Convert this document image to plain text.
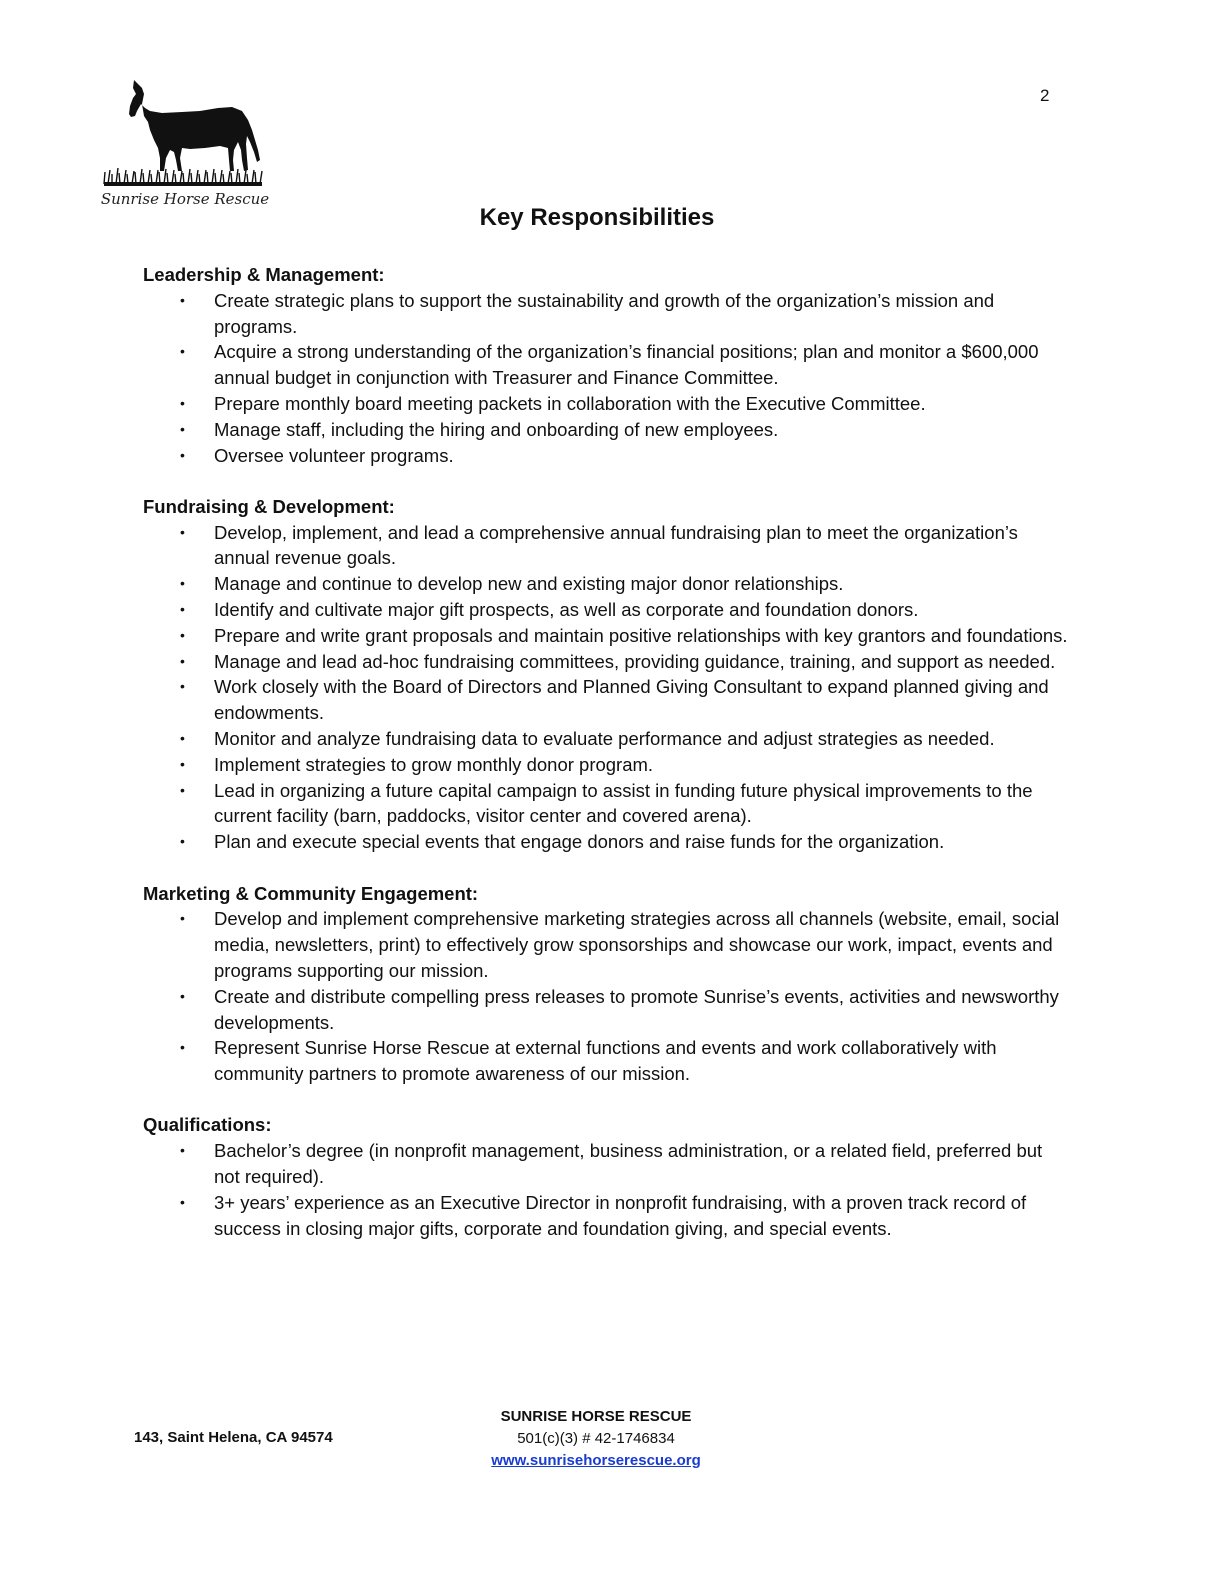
Sunrise Horse Rescue
2
Key Responsibilities
Leadership & Management:
• Create strategic plans to support the sustainability and growth of the organization’s mission and programs.
• Acquire a strong understanding of the organization’s financial positions; plan and monitor a $600,000 annual budget in conjunction with Treasurer and Finance Committee.
• Prepare monthly board meeting packets in collaboration with the Executive Committee.
• Manage staff, including the hiring and onboarding of new employees.
• Oversee volunteer programs.
Fundraising & Development:
• Develop, implement, and lead a comprehensive annual fundraising plan to meet the organization’s annual revenue goals.
• Manage and continue to develop new and existing major donor relationships.
• Identify and cultivate major gift prospects, as well as corporate and foundation donors.
• Prepare and write grant proposals and maintain positive relationships with key grantors and foundations.
• Manage and lead ad-hoc fundraising committees, providing guidance, training, and support as needed.
• Work closely with the Board of Directors and Planned Giving Consultant to expand planned giving and endowments.
• Monitor and analyze fundraising data to evaluate performance and adjust strategies as needed.
• Implement strategies to grow monthly donor program.
• Lead in organizing a future capital campaign to assist in funding future physical improvements to the current facility (barn, paddocks, visitor center and covered arena).
• Plan and execute special events that engage donors and raise funds for the organization.
Marketing & Community Engagement:
• Develop and implement comprehensive marketing strategies across all channels (website, email, social media, newsletters, print) to effectively grow sponsorships and showcase our work, impact, events and programs supporting our mission.
• Create and distribute compelling press releases to promote Sunrise’s events, activities and newsworthy developments.
• Represent Sunrise Horse Rescue at external functions and events and work collaboratively with community partners to promote awareness of our mission.
Qualifications:
• Bachelor’s degree (in nonprofit management, business administration, or a related field, preferred but not required).
• 3+ years’ experience as an Executive Director in nonprofit fundraising, with a proven track record of success in closing major gifts, corporate and foundation giving, and special events.
143, Saint Helena, CA 94574
SUNRISE HORSE RESCUE
501(c)(3) # 42-1746834
www.sunrisehorserescue.org
